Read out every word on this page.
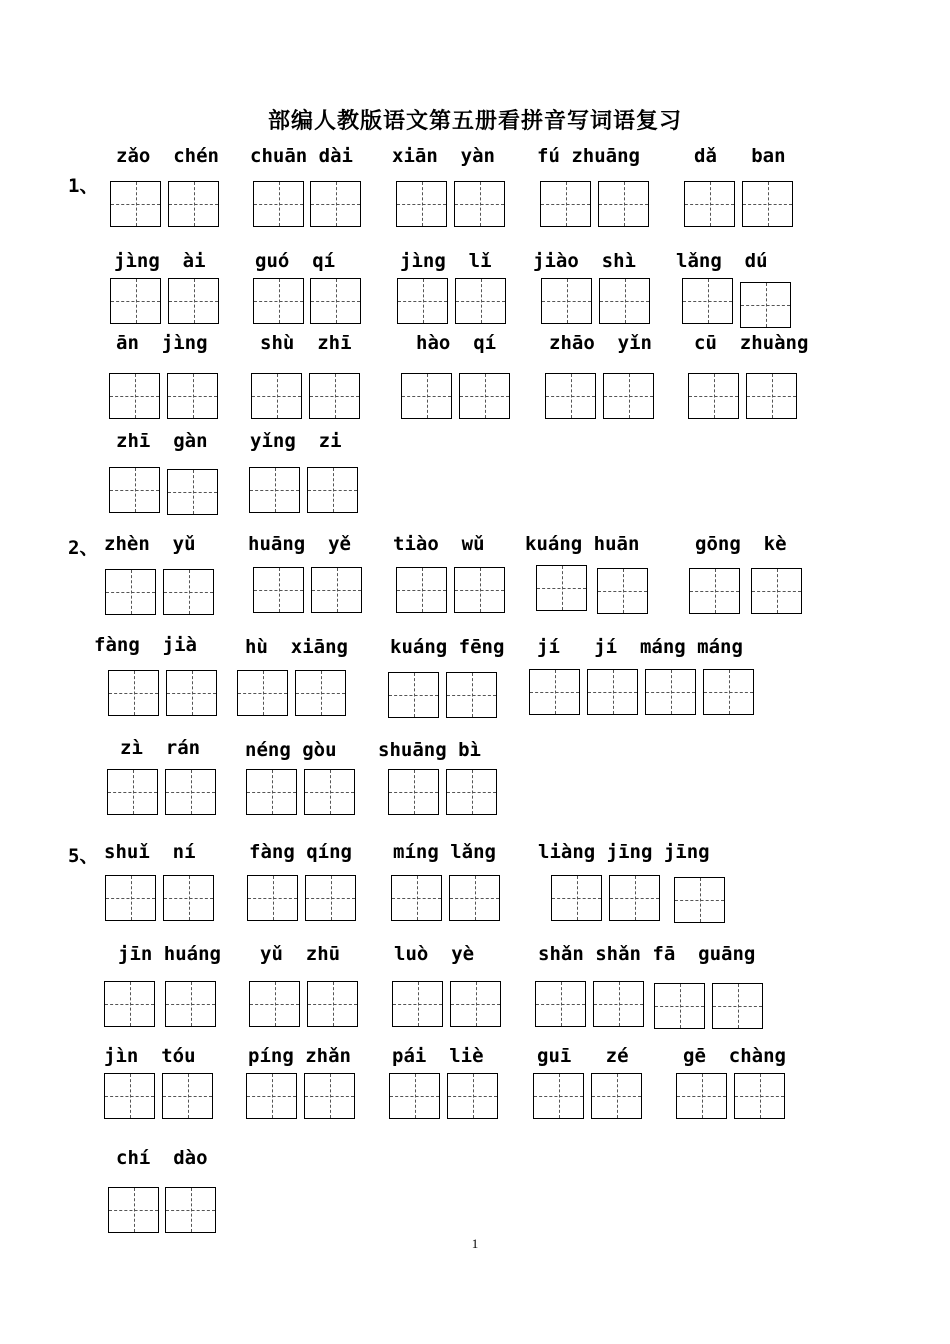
部编人教版语文第五册看拼音写词语复习
1、
zǎo  chén chuān dài xiān  yàn fú zhuāng	dǎ   ban
jìng  ài	guó  qí	jìng  lǐ jiào  shì lǎng  dú
ān  jìng	shù  zhī	hào  qí	zhāo  yǐn cū  zhuàng
zhī  gàn yǐng  zi
2、 zhèn  yǔ	huāng  yě tiào  wǔ kuáng huān	gōng  kè
fàng  jià	hù  xiāng kuáng fēng jí   jí  máng máng
zì  rán néng gòu shuāng bì
5、 shuǐ  ní	fàng qíng míng lǎng liàng jīng jīng
jīn huáng yǔ  zhū	luò  yè	shǎn shǎn fā  guāng
jìn  tóu	píng zhǎn pái  liè	guī   zé	gē  chàng
chí  dào
1
